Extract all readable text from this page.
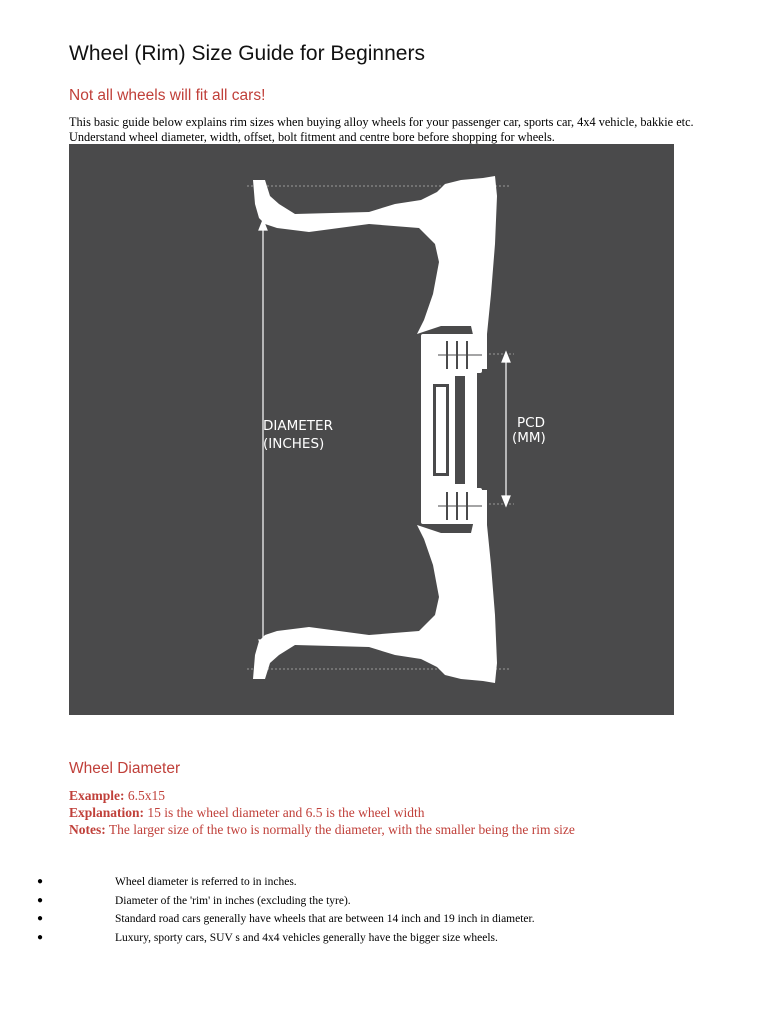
Wheel (Rim) Size Guide for Beginners
Not all wheels will fit all cars!
This basic guide below explains rim sizes when buying alloy wheels for your passenger car, sports car, 4x4 vehicle, bakkie etc. Understand wheel diameter, width, offset, bolt fitment and centre bore before shopping for wheels.
DIAMETER
(INCHES)
PCD
(MM)
Wheel Diameter
Example: 6.5x15
Explanation: 15 is the wheel diameter and 6.5 is the wheel width
Notes: The larger size of the two is normally the diameter, with the smaller being the rim size
●	Wheel diameter is referred to in inches.
●	Diameter of the 'rim' in inches (excluding the tyre).
●	Standard road cars generally have wheels that are between 14 inch and 19 inch in diameter.
●	Luxury, sporty cars, SUV s and 4x4 vehicles generally have the bigger size wheels.
